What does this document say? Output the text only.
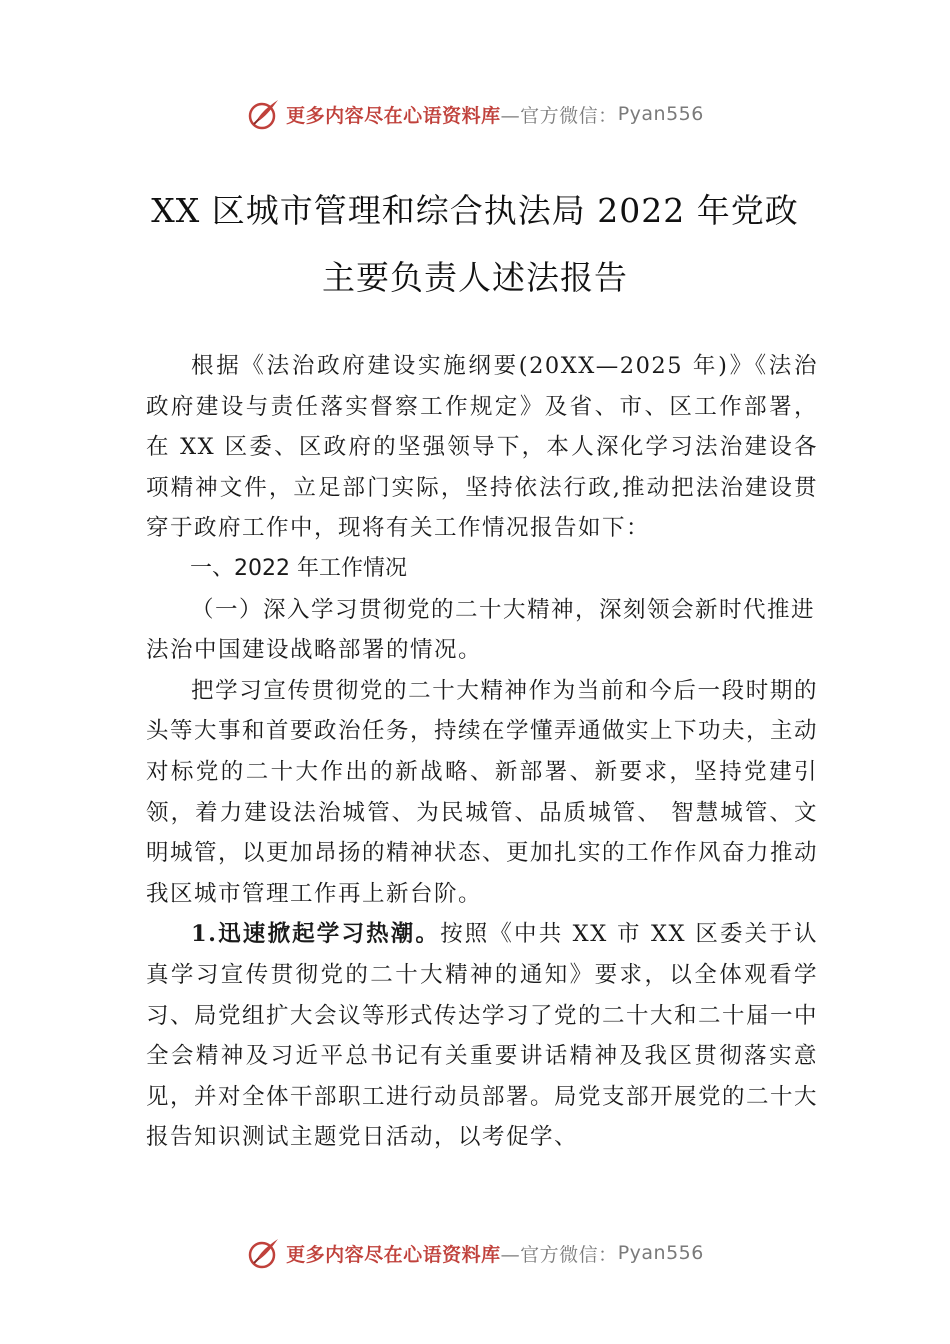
更多内容尽在心语资料库 —官方微信： Pyan556
XX 区城市管理和综合执法局 2022 年党政
主要负责人述法报告

根据《法治政府建设实施纲要(20XX—2025 年)》《法治政府建设与责任落实督察工作规定》及省、市、区工作部署， 在 XX 区委、区政府的坚强领导下，本人深化学习法治建设各项精神文件，立足部门实际，坚持依法行政,推动把法治建设贯穿于政府工作中，现将有关工作情况报告如下：

一、2022 年工作情况

（一）深入学习贯彻党的二十大精神，深刻领会新时代推进法治中国建设战略部署的情况。

把学习宣传贯彻党的二十大精神作为当前和今后一段时期的头等大事和首要政治任务，持续在学懂弄通做实上下功夫，主动对标党的二十大作出的新战略、新部署、新要求，坚持党建引领，着力建设法治城管、为民城管、品质城管、 智慧城管、文明城管，以更加昂扬的精神状态、更加扎实的工作作风奋力推动我区城市管理工作再上新台阶。

1.迅速掀起学习热潮。按照《中共 XX 市 XX 区委关于认真学习宣传贯彻党的二十大精神的通知》要求，以全体观看学习、局党组扩大会议等形式传达学习了党的二十大和二十届一中全会精神及习近平总书记有关重要讲话精神及我区贯彻落实意见，并对全体干部职工进行动员部署。局党支部开展党的二十大报告知识测试主题党日活动，以考促学、

更多内容尽在心语资料库 —官方微信： Pyan556
